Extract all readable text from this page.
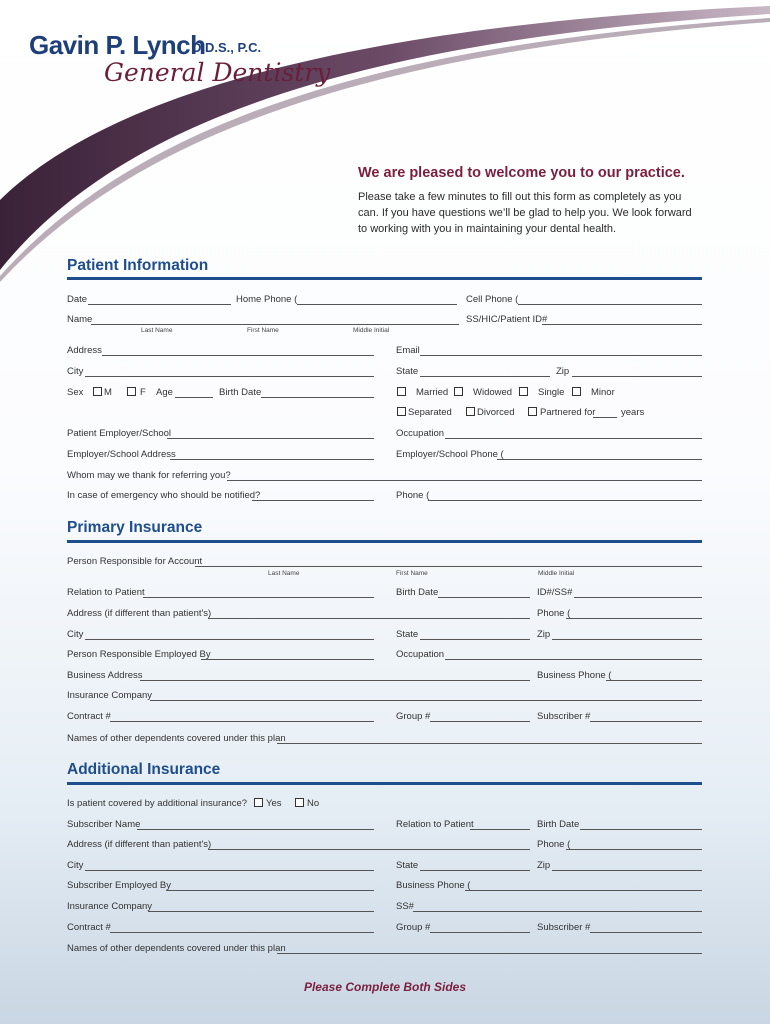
Gavin P. Lynch
D.D.S., P.C.
General Dentistry
We are pleased to welcome you to our practice.
Please take a few minutes to fill out this form as completely as you can. If you have questions we’ll be glad to help you. We look forward to working with you in maintaining your dental health.
Patient Information
Date	Home Phone (	Cell Phone (
Name	SS/HIC/Patient ID#
Last Name	First Name	Middle Initial
Address	Email
City	State	Zip
Sex M	F Age	Birth Date	Married	Widowed	Single	Minor
Separated	Divorced	Partnered for	years
Patient Employer/School	Occupation
Employer/School Address	Employer/School Phone (
Whom may we thank for referring you?
In case of emergency who should be notified?	Phone (
Primary Insurance
Person Responsible for Account
Last Name	First Name	Middle Initial
Relation to Patient	Birth Date	ID#/SS#
Address (if different than patient's)	Phone (
City	State	Zip
Person Responsible Employed By	Occupation
Business Address	Business Phone (
Insurance Company
Contract #	Group #	Subscriber #
Names of other dependents covered under this plan
Additional Insurance
Is patient covered by additional insurance? Yes	No
Subscriber Name	Relation to Patient	Birth Date
Address (if different than patient's)	Phone (
City	State	Zip
Subscriber Employed By	Business Phone (
Insurance Company	SS#
Contract #	Group #	Subscriber #
Names of other dependents covered under this plan
Please Complete Both Sides
